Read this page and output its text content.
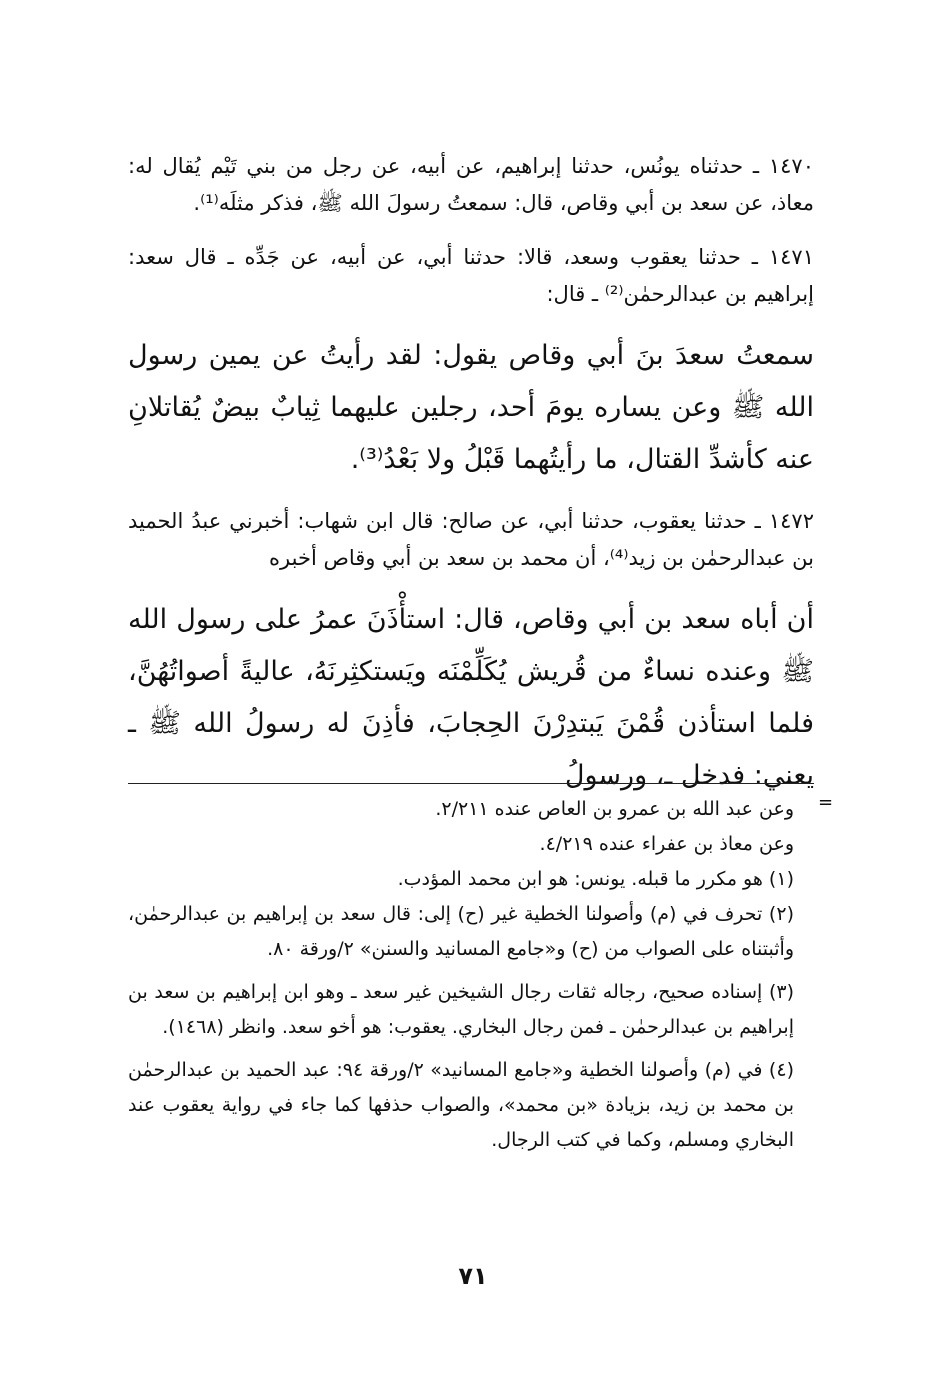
١٤٧٠ ـ حدثناه يونُس، حدثنا إبراهيم، عن أبيه، عن رجل من بني تَيْم يُقال له: معاذ، عن سعد بن أبي وقاص، قال: سمعتُ رسولَ الله ﷺ، فذكر مثلَه⁽¹⁾.

١٤٧١ ـ حدثنا يعقوب وسعد، قالا: حدثنا أبي، عن أبيه، عن جَدِّه ـ قال سعد: إبراهيم بن عبدالرحمٰن⁽²⁾ ـ قال:

سمعتُ سعدَ بنَ أبي وقاص يقول: لقد رأيتُ عن يمين رسول الله ﷺ وعن يساره يومَ أحد، رجلين عليهما ثِيابٌ بيضٌ يُقاتلانِ عنه كأشدِّ القتال، ما رأيتُهما قَبْلُ ولا بَعْدُ⁽³⁾.

١٤٧٢ ـ حدثنا يعقوب، حدثنا أبي، عن صالح: قال ابن شهاب: أخبرني عبدُ الحميد بن عبدالرحمٰن بن زيد⁽⁴⁾، أن محمد بن سعد بن أبي وقاص أخبره

أن أباه سعد بن أبي وقاص، قال: استأْذَنَ عمرُ على رسول الله ﷺ وعنده نساءٌ من قُريش يُكَلِّمْنَه ويَستكثِرنَهُ، عاليةً أصواتُهُنَّ، فلما استأذن قُمْنَ يَبتدِرْنَ الحِجابَ، فأذِنَ له رسولُ الله ﷺ ـ يعني: فدخل ـ، ورسولُ

=

وعن عبد الله بن عمرو بن العاص عنده ٢/٢١١.

وعن معاذ بن عفراء عنده ٤/٢١٩.

(١) هو مكرر ما قبله. يونس: هو ابن محمد المؤدب.

(٢) تحرف في (م) وأصولنا الخطية غير (ح) إلى: قال سعد بن إبراهيم بن عبدالرحمٰن، وأثبتناه على الصواب من (ح) و«جامع المسانيد والسنن» ٢/ورقة ٨٠.

(٣) إسناده صحيح، رجاله ثقات رجال الشيخين غير سعد ـ وهو ابن إبراهيم بن سعد بن إبراهيم بن عبدالرحمٰن ـ فمن رجال البخاري. يعقوب: هو أخو سعد. وانظر (١٤٦٨).

(٤) في (م) وأصولنا الخطية و«جامع المسانيد» ٢/ورقة ٩٤: عبد الحميد بن عبدالرحمٰن بن محمد بن زيد، بزيادة «بن محمد»، والصواب حذفها كما جاء في رواية يعقوب عند البخاري ومسلم، وكما في كتب الرجال.

٧١
